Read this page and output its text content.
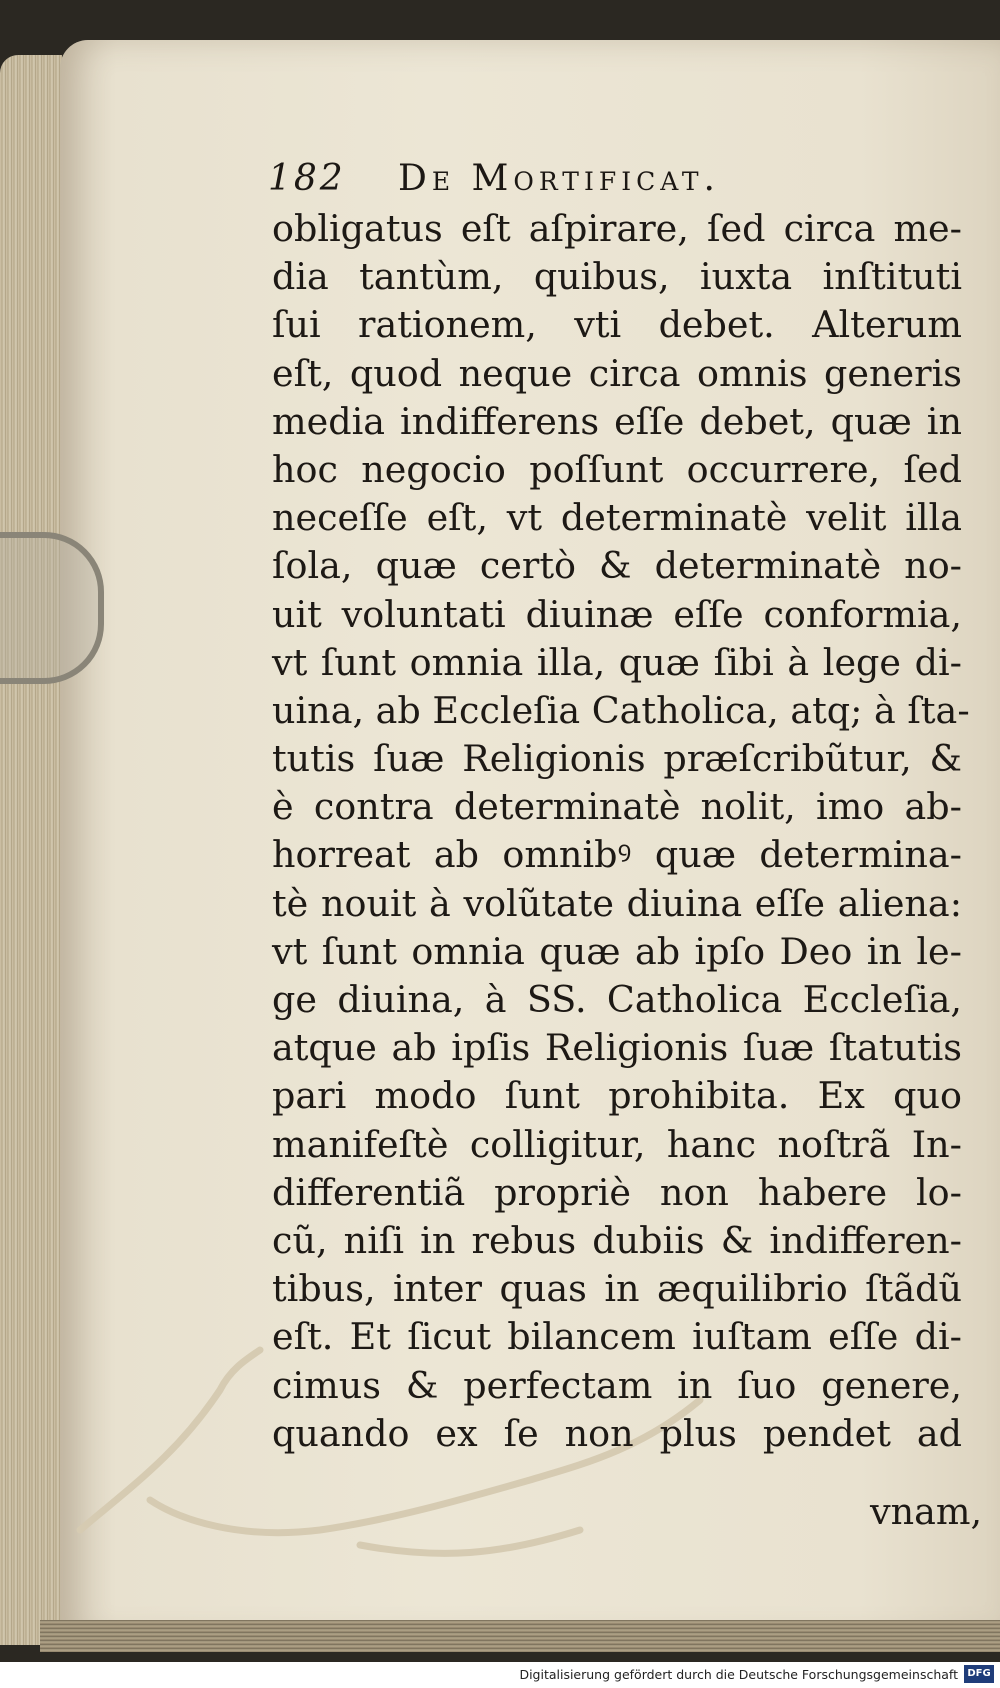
182 De Mortificat.
obligatus eſt aſpirare, ſed circa me-
dia tantùm, quibus, iuxta inſtituti
ſui rationem, vti debet. Alterum
eſt, quod neque circa omnis generis
media indifferens eſſe debet, quæ in
hoc negocio poſſunt occurrere, ſed
neceſſe eſt, vt determinatè velit illa
ſola, quæ certò & determinatè no-
uit voluntati diuinæ eſſe conformia,
vt ſunt omnia illa, quæ ſibi à lege di-
uina, ab Eccleſia Catholica, atq; à ſta-
tutis ſuæ Religionis præſcribũtur, &
è contra determinatè nolit, imo ab-
horreat ab omnibꝰ quæ determina-
tè nouit à volũtate diuina eſſe aliena:
vt ſunt omnia quæ ab ipſo Deo in le-
ge diuina, à SS. Catholica Eccleſia,
atque ab ipſis Religionis ſuæ ſtatutis
pari modo ſunt prohibita. Ex quo
manifeſtè colligitur, hanc noſtrã In-
differentiã propriè non habere lo-
cũ, niſi in rebus dubiis & indifferen-
tibus, inter quas in æquilibrio ſtãdũ
eſt. Et ſicut bilancem iuſtam eſſe di-
cimus & perfectam in ſuo genere,
quando ex ſe non plus pendet ad
vnam,
Digitalisierung gefördert durch die Deutsche Forschungsgemeinschaft DFG
